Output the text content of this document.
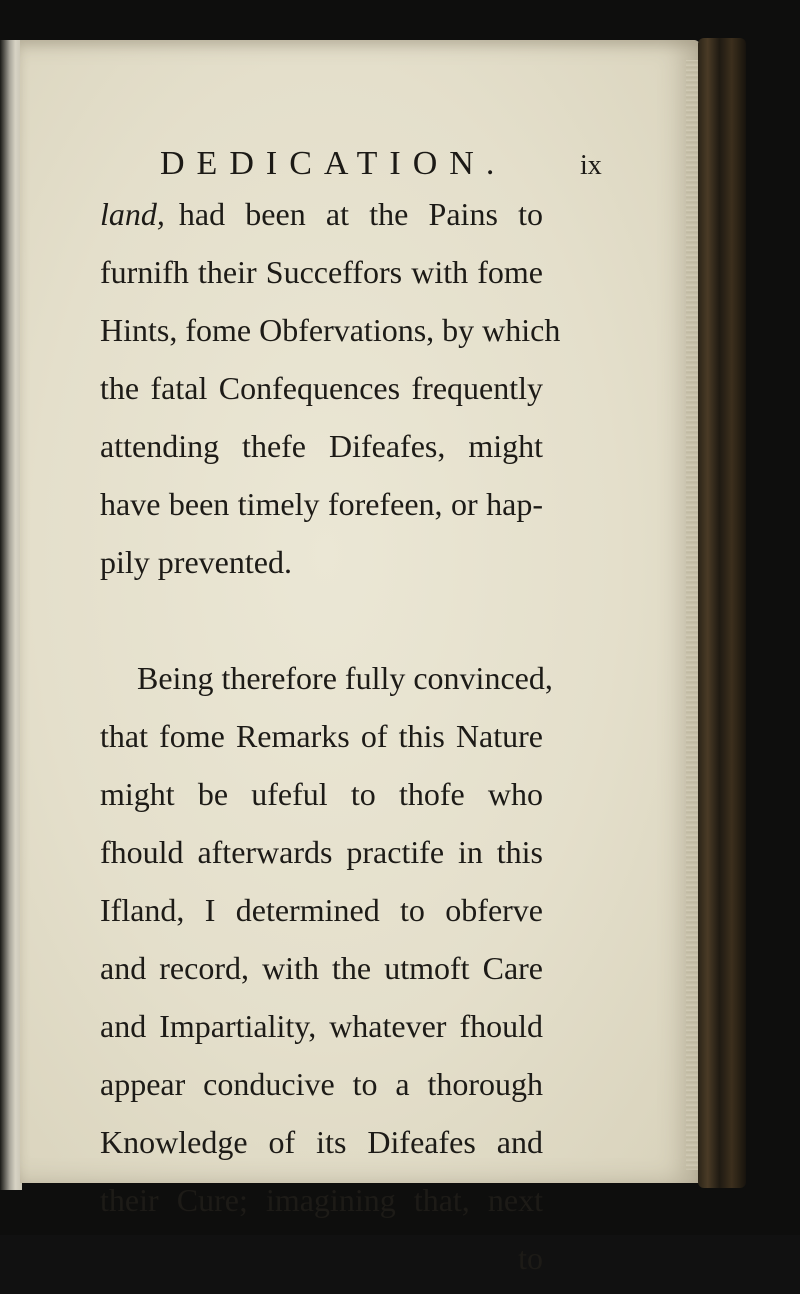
DEDICATION.	ix
land, had been at the Pains to
furnifh their Succeffors with fome
Hints, fome Obfervations, by which
the fatal Confequences frequently
attending thefe Difeafes, might
have been timely forefeen, or hap-
pily prevented.
Being therefore fully convinced,
that fome Remarks of this Nature
might be ufeful to thofe who
fhould afterwards practife in this
Ifland, I determined to obferve
and record, with the utmoft Care
and Impartiality, whatever fhould
appear conducive to a thorough
Knowledge of its Difeafes and
their Cure; imagining that, next
to
